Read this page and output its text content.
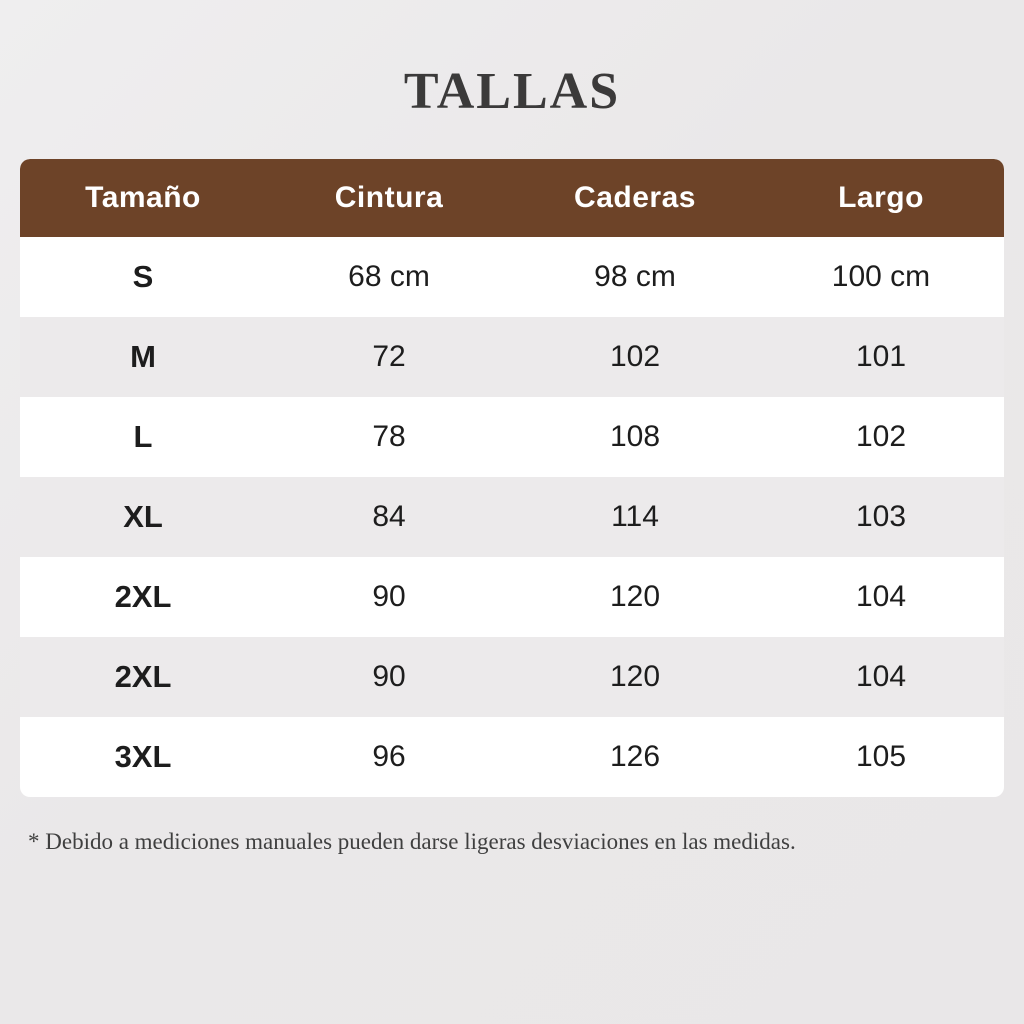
TALLAS
Tamaño	Cintura	Caderas	Largo
S	68 cm	98 cm	100 cm
M	72	102	101
L	78	108	102
XL	84	114	103
2XL	90	120	104
2XL	90	120	104
3XL	96	126	105

* Debido a mediciones manuales pueden darse ligeras desviaciones en las medidas.
